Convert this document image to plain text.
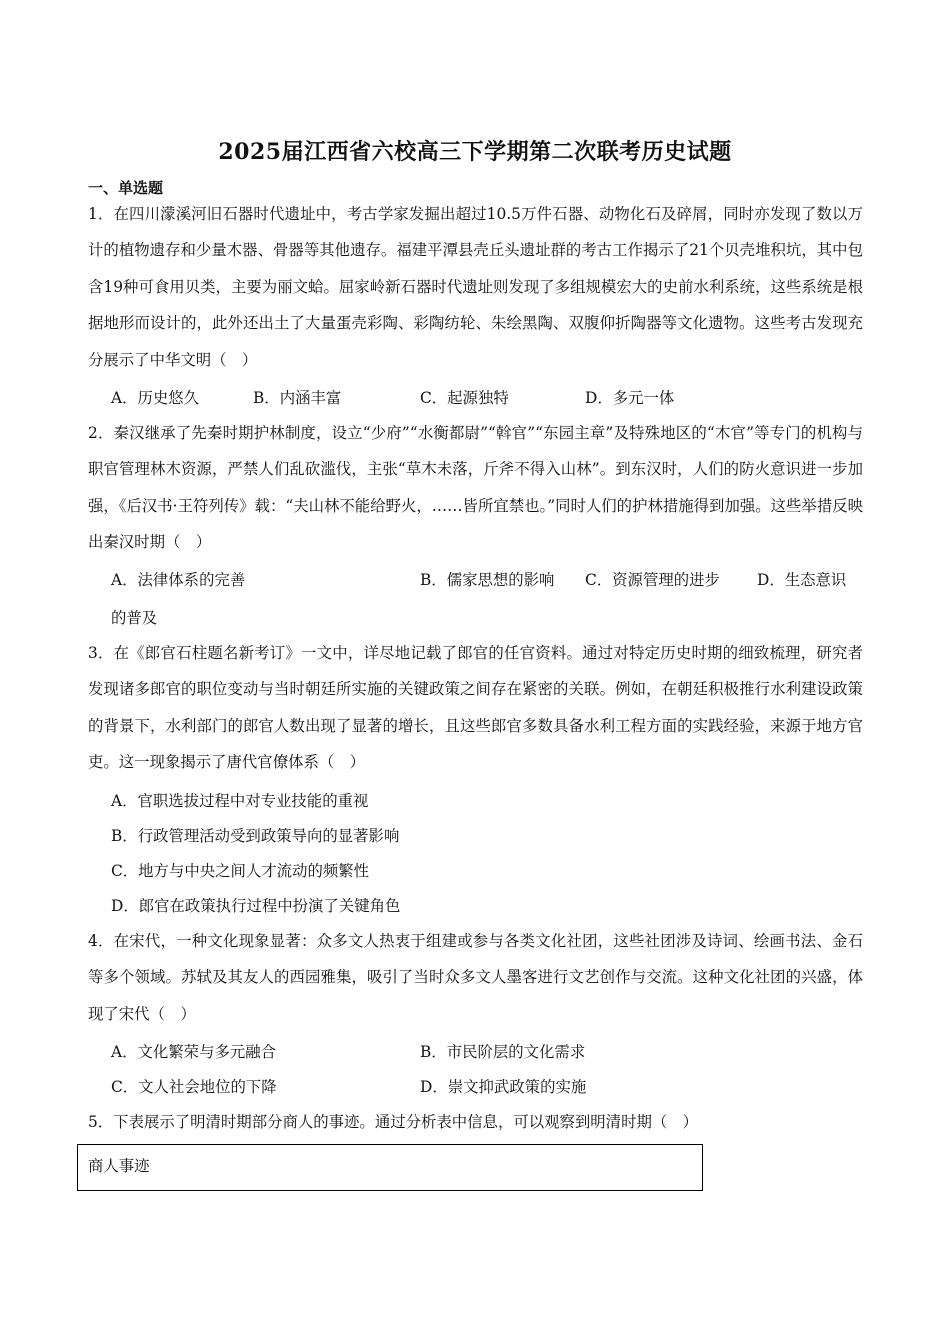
2025届江西省六校高三下学期第二次联考历史试题
一、单选题
1．在四川濛溪河旧石器时代遗址中，考古学家发掘出超过10.5万件石器、动物化石及碎屑，同时亦发现了数以万计的植物遗存和少量木器、骨器等其他遗存。福建平潭县壳丘头遗址群的考古工作揭示了21个贝壳堆积坑，其中包含19种可食用贝类，主要为丽文蛤。屈家岭新石器时代遗址则发现了多组规模宏大的史前水利系统，这些系统是根据地形而设计的，此外还出土了大量蛋壳彩陶、彩陶纺轮、朱绘黑陶、双腹仰折陶器等文化遗物。这些考古发现充分展示了中华文明（　）
A．历史悠久	B．内涵丰富	C．起源独特	D．多元一体
2．秦汉继承了先秦时期护林制度，设立“少府”“水衡都尉”“斡官”“东园主章”及特殊地区的“木官”等专门的机构与职官管理林木资源，严禁人们乱砍滥伐，主张“草木未落，斤斧不得入山林”。到东汉时，人们的防火意识进一步加强，《后汉书·王符列传》载：“夫山林不能给野火，……皆所宜禁也。”同时人们的护林措施得到加强。这些举措反映出秦汉时期（　）
A．法律体系的完善	B．儒家思想的影响 C．资源管理的进步 D．生态意识
的普及
3．在《郎官石柱题名新考订》一文中，详尽地记载了郎官的任官资料。通过对特定历史时期的细致梳理，研究者发现诸多郎官的职位变动与当时朝廷所实施的关键政策之间存在紧密的关联。例如，在朝廷积极推行水利建设政策的背景下，水利部门的郎官人数出现了显著的增长，且这些郎官多数具备水利工程方面的实践经验，来源于地方官吏。这一现象揭示了唐代官僚体系（　）
A．官职选拔过程中对专业技能的重视
B．行政管理活动受到政策导向的显著影响
C．地方与中央之间人才流动的频繁性
D．郎官在政策执行过程中扮演了关键角色
4．在宋代，一种文化现象显著：众多文人热衷于组建或参与各类文化社团，这些社团涉及诗词、绘画书法、金石等多个领域。苏轼及其友人的西园雅集，吸引了当时众多文人墨客进行文艺创作与交流。这种文化社团的兴盛，体现了宋代（　）
A．文化繁荣与多元融合	B．市民阶层的文化需求
C．文人社会地位的下降	D．崇文抑武政策的实施
5．下表展示了明清时期部分商人的事迹。通过分析表中信息，可以观察到明清时期（　）
商人事迹
